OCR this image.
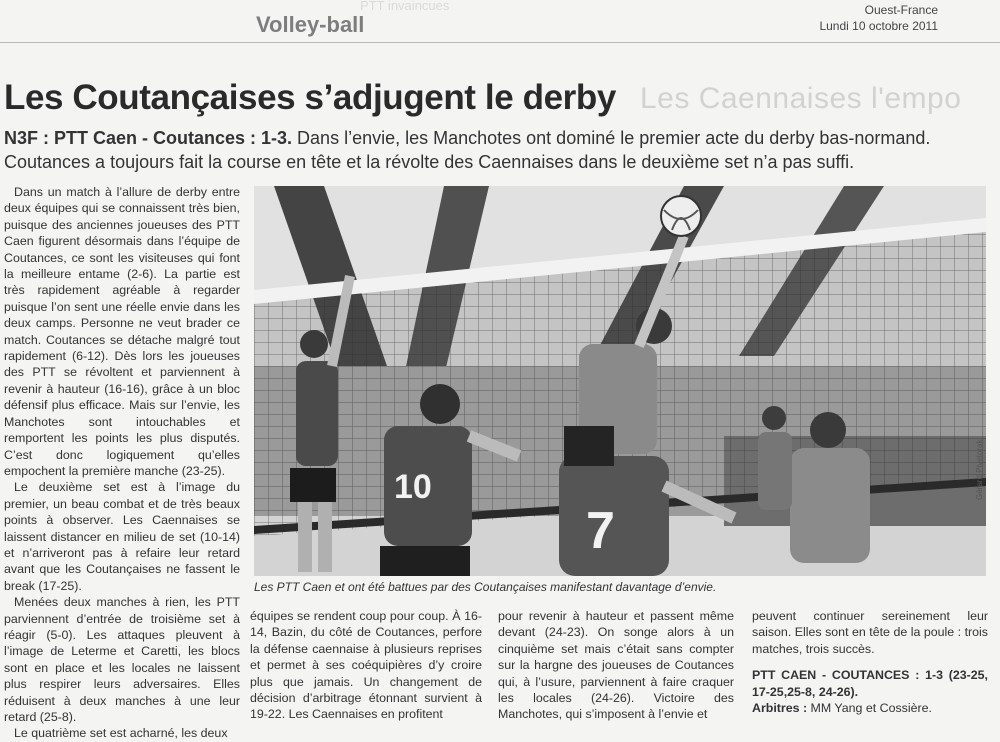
PTT invaincues
Les Caennaises l'empo
Volley-ball
Ouest-France
Lundi 10 octobre 2011
Les Coutançaises s’adjugent le derby
N3F : PTT Caen - Coutances : 1-3. Dans l’envie, les Manchotes ont dominé le premier acte du derby bas-normand. Coutances a toujours fait la course en tête et la révolte des Caennaises dans le deuxième set n’a pas suffi.

Dans un match à l’allure de derby entre deux équipes qui se connaissent très bien, puisque des anciennes joueuses des PTT Caen figurent désormais dans l’équipe de Coutances, ce sont les visiteuses qui font la meilleure entame (2-6). La partie est très rapidement agréable à regarder puisque l’on sent une réelle envie dans les deux camps. Personne ne veut brader ce match. Coutances se détache malgré tout rapidement (6-12). Dès lors les joueuses des PTT se révoltent et parviennent à revenir à hauteur (16-16), grâce à un bloc défensif plus efficace. Mais sur l’envie, les Manchotes sont intouchables et remportent les points les plus disputés. C’est donc logiquement qu’elles empochent la première manche (23-25).

Le deuxième set est à l’image du premier, un beau combat et de très beaux points à observer. Les Caennaises se laissent distancer en milieu de set (10-14) et n’arriveront pas à refaire leur retard avant que les Coutançaises ne fassent le break (17-25).

Menées deux manches à rien, les PTT parviennent d’entrée de troisième set à réagir (5-0). Les attaques pleuvent à l’image de Leterme et Caretti, les blocs sont en place et les locales ne laissent plus respirer leurs adversaires. Elles réduisent à deux manches à une leur retard (25-8).

Le quatrième set est acharné, les deux

10
7
Gérard Pivetorak
Les PTT Caen et ont été battues par des Coutançaises manifestant davantage d’envie.

équipes se rendent coup pour coup. À 16-14, Bazin, du côté de Coutances, perfore la défense caennaise à plusieurs reprises et permet à ses coéquipières d’y croire plus que jamais. Un changement de décision d’arbitrage étonnant survient à 19-22. Les Caennaises en profitent

pour revenir à hauteur et passent même devant (24-23). On songe alors à un cinquième set mais c’était sans compter sur la hargne des joueuses de Coutances qui, à l’usure, parviennent à faire craquer les locales (24-26). Victoire des Manchotes, qui s’imposent à l’envie et

peuvent continuer sereinement leur saison. Elles sont en tête de la poule : trois matches, trois succès.

PTT CAEN - COUTANCES : 1-3 (23-25, 17-25,25-8, 24-26).

Arbitres : MM Yang et Cossière.
